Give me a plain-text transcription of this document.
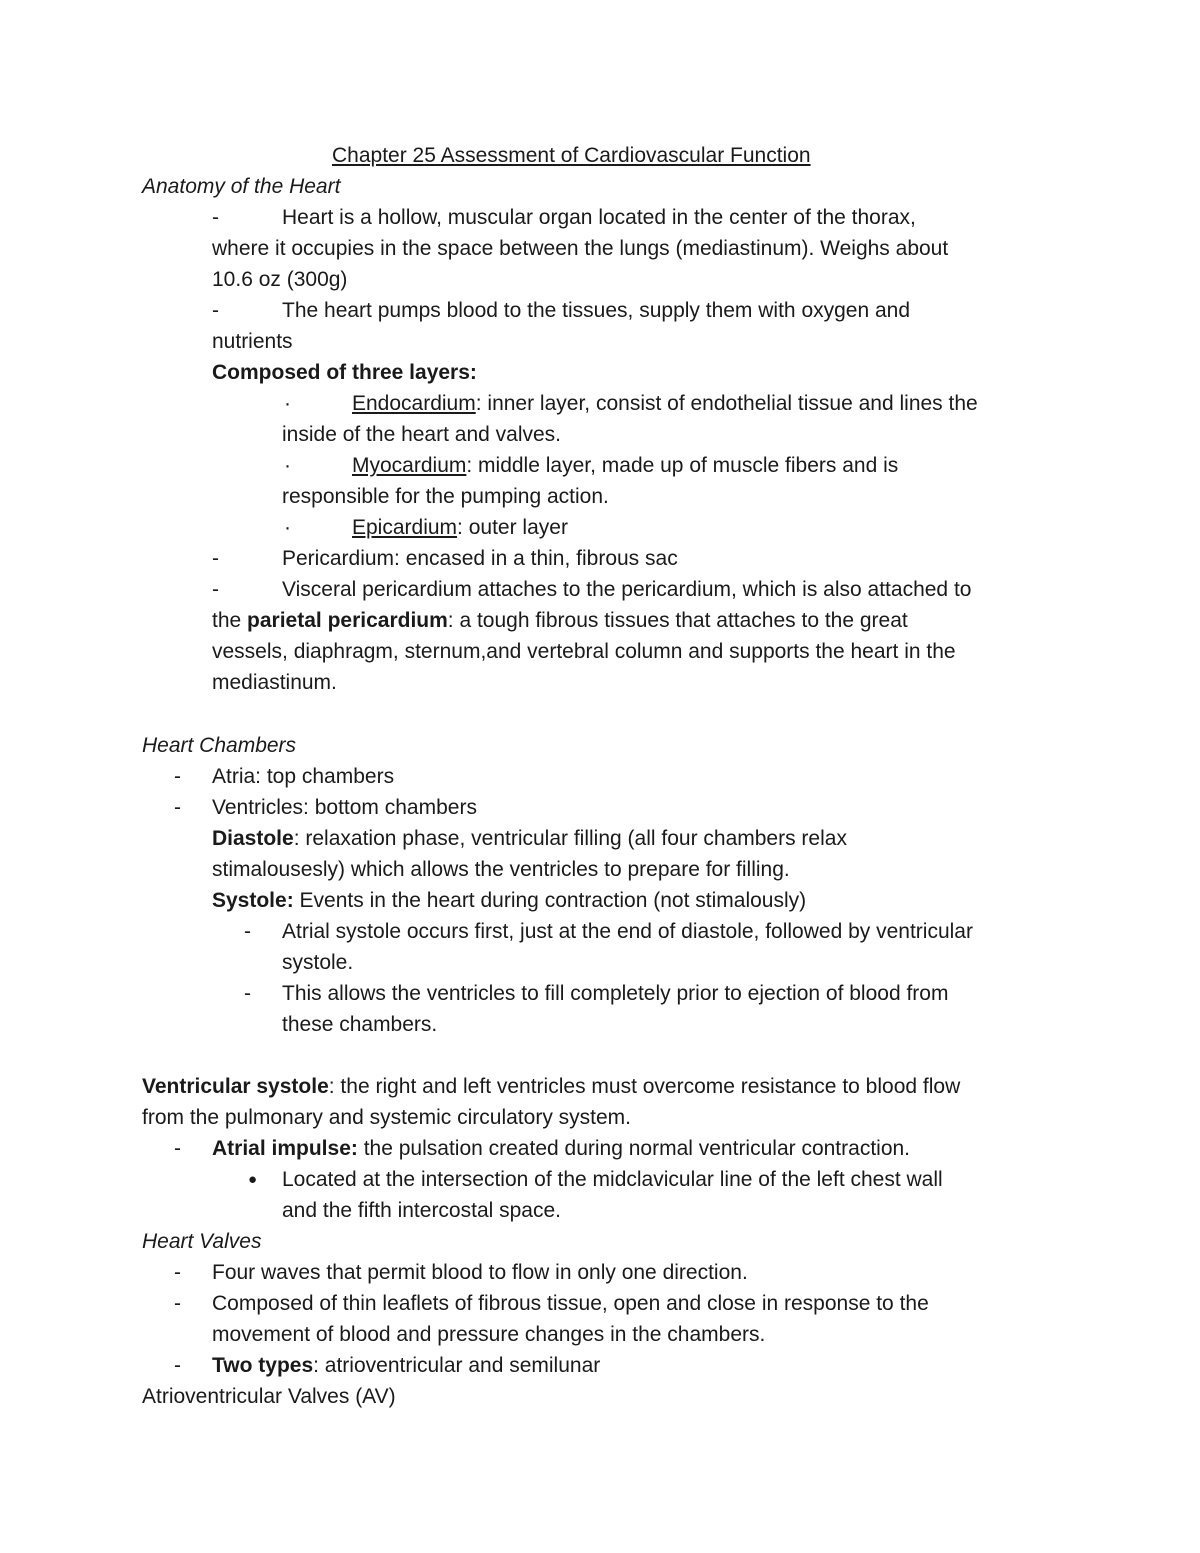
Chapter 25 Assessment of Cardiovascular Function
Anatomy of the Heart
-	Heart is a hollow, muscular organ located in the center of the thorax,
where it occupies in the space between the lungs (mediastinum). Weighs about
10.6 oz (300g)
-	The heart pumps blood to the tissues, supply them with oxygen and
nutrients
Composed of three layers:
·	Endocardium: inner layer, consist of endothelial tissue and lines the
inside of the heart and valves.
·	Myocardium: middle layer, made up of muscle fibers and is
responsible for the pumping action.
·	Epicardium: outer layer
-	Pericardium: encased in a thin, fibrous sac
-	Visceral pericardium attaches to the pericardium, which is also attached to
the parietal pericardium: a tough fibrous tissues that attaches to the great
vessels, diaphragm, sternum,and vertebral column and supports the heart in the
mediastinum.
Heart Chambers
- Atria: top chambers
- Ventricles: bottom chambers
Diastole: relaxation phase, ventricular filling (all four chambers relax
stimalousesly) which allows the ventricles to prepare for filling.
Systole: Events in the heart during contraction (not stimalously)
- Atrial systole occurs first, just at the end of diastole, followed by ventricular
systole.
- This allows the ventricles to fill completely prior to ejection of blood from
these chambers.
Ventricular systole: the right and left ventricles must overcome resistance to blood flow
from the pulmonary and systemic circulatory system.
- Atrial impulse: the pulsation created during normal ventricular contraction.
● Located at the intersection of the midclavicular line of the left chest wall
and the fifth intercostal space.
Heart Valves
- Four waves that permit blood to flow in only one direction.
- Composed of thin leaflets of fibrous tissue, open and close in response to the
movement of blood and pressure changes in the chambers.
- Two types: atrioventricular and semilunar
Atrioventricular Valves (AV)
